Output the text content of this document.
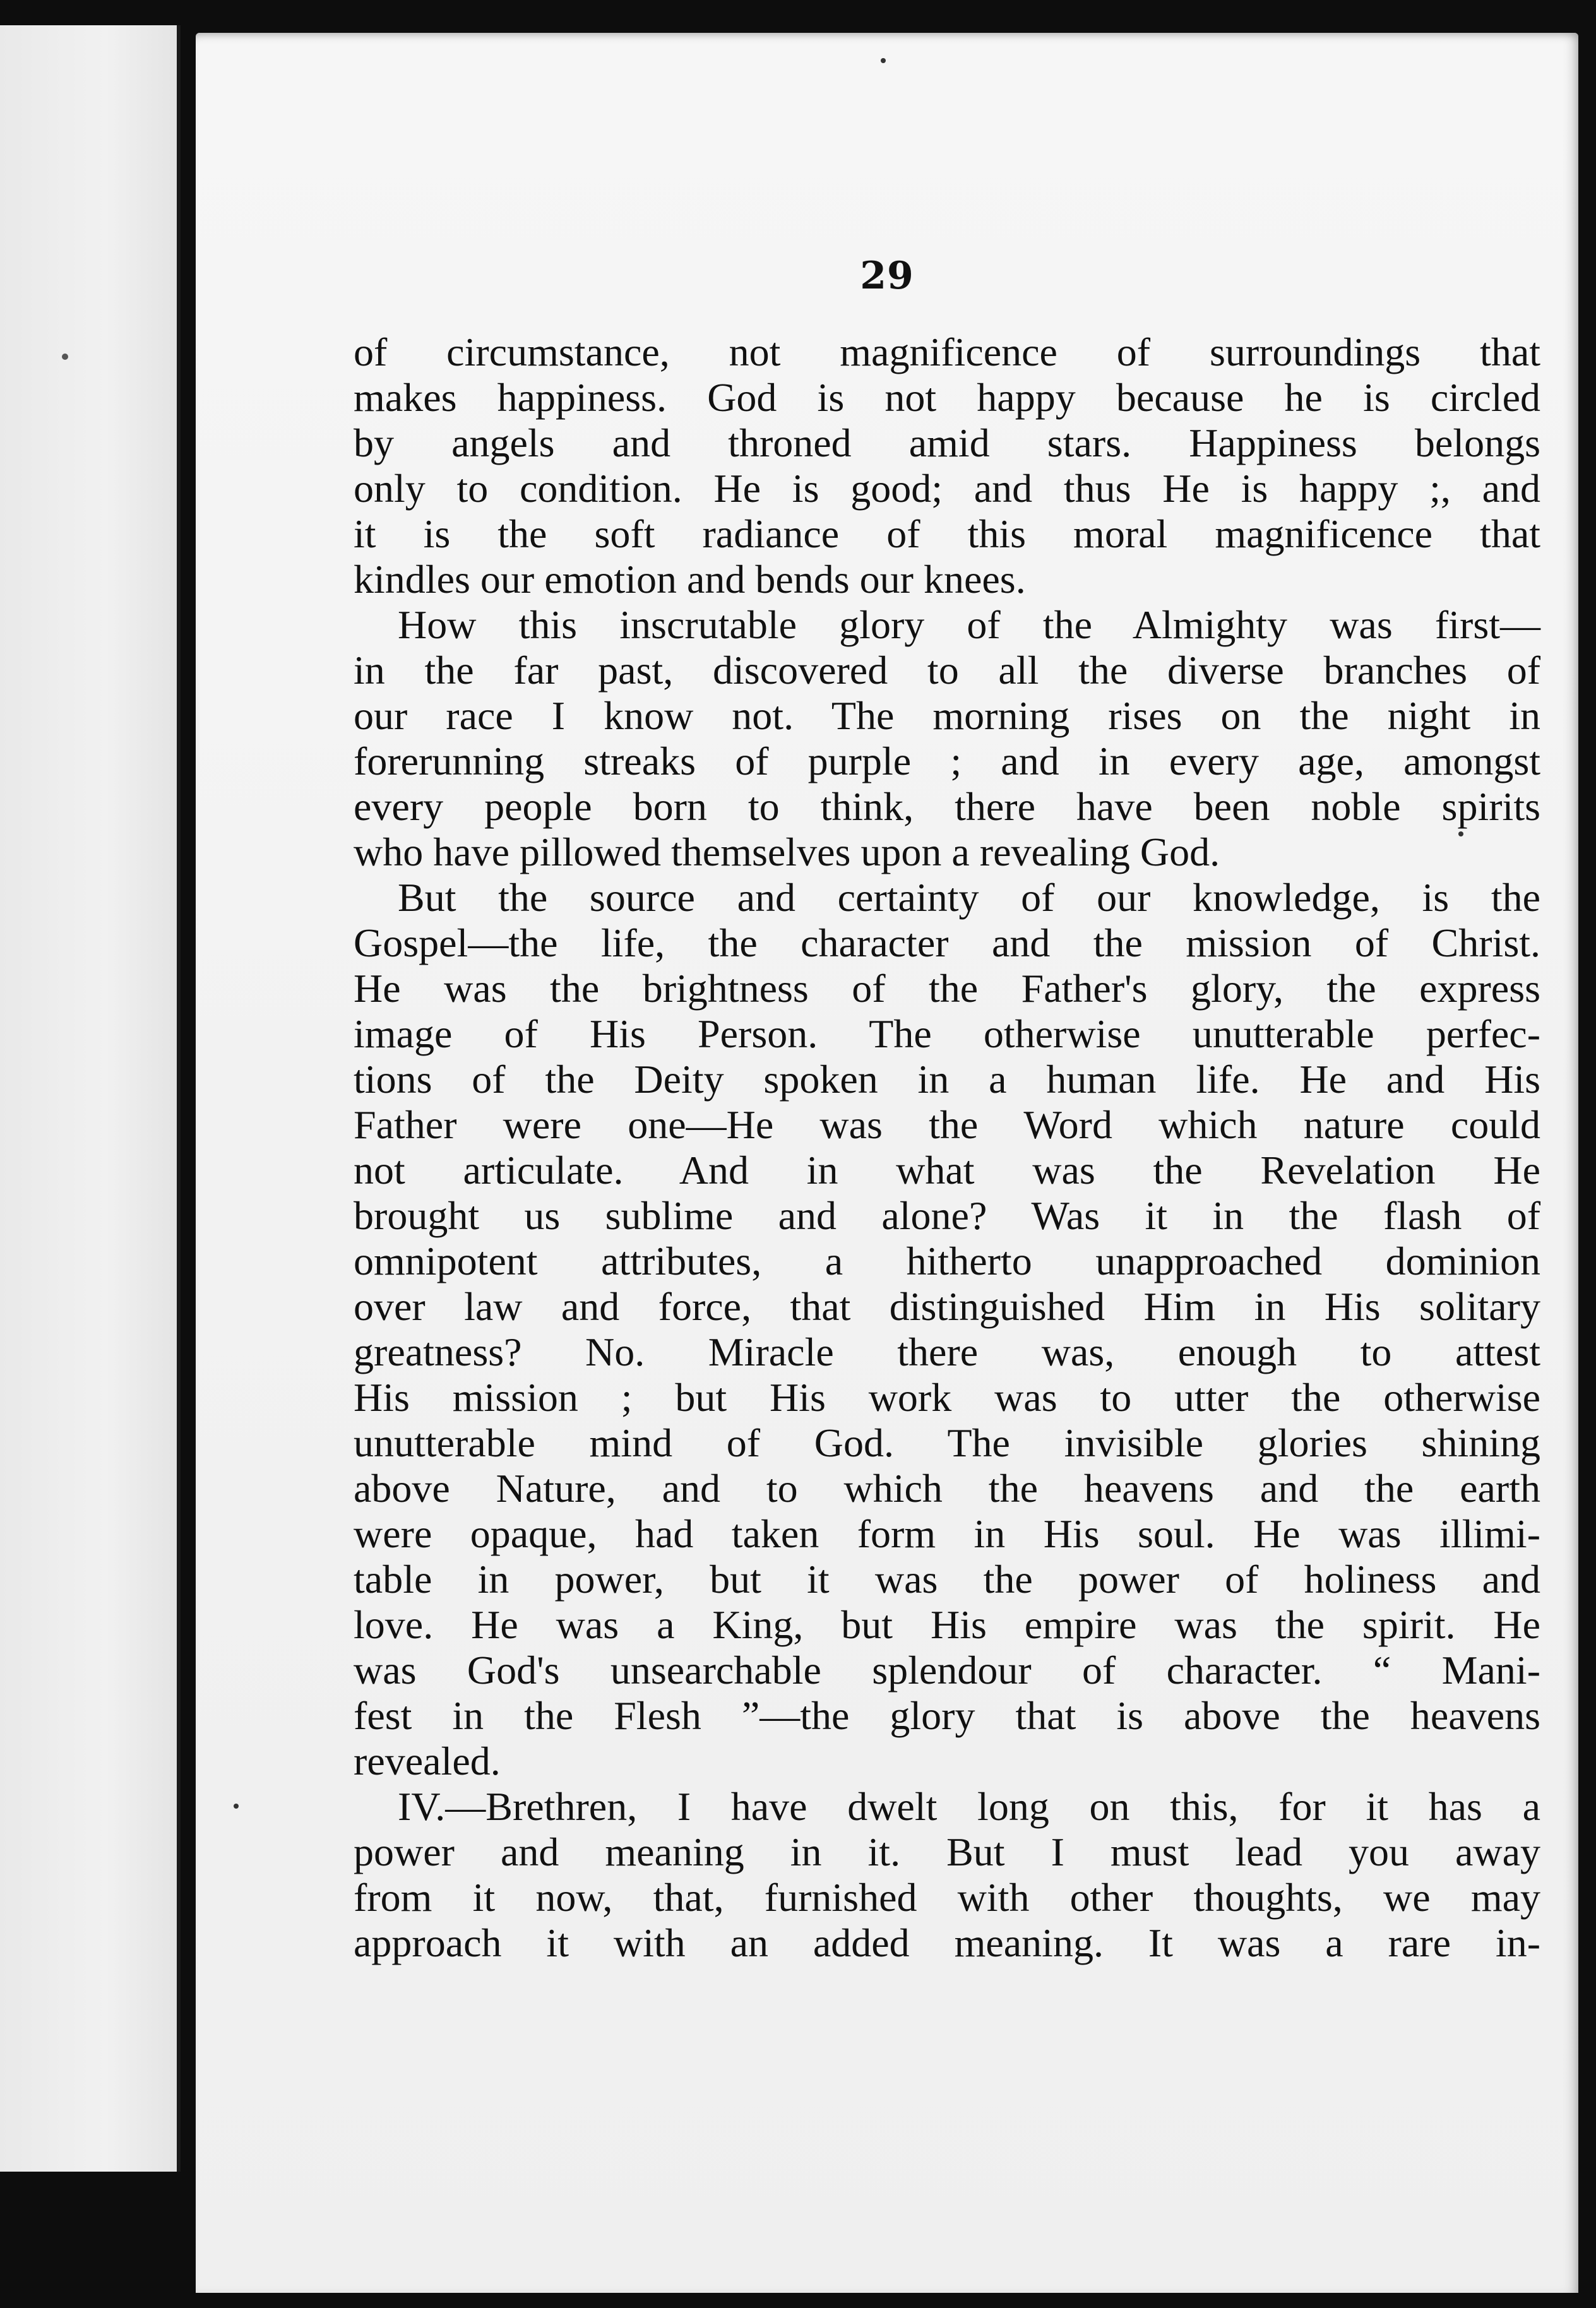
29
of circumstance, not magnificence of surroundings that
makes happiness. God is not happy because he is circled
by angels and throned amid stars. Happiness belongs
only to condition. He is good; and thus He is happy ;, and
it is the soft radiance of this moral magnificence that
kindles our emotion and bends our knees.
How this inscrutable glory of the Almighty was first—
in the far past, discovered to all the diverse branches of
our race I know not. The morning rises on the night in
forerunning streaks of purple ; and in every age, amongst
every people born to think, there have been noble spirits
who have pillowed themselves upon a revealing God.
But the source and certainty of our knowledge, is the
Gospel—the life, the character and the mission of Christ.
He was the brightness of the Father's glory, the express
image of His Person. The otherwise unutterable perfec-
tions of the Deity spoken in a human life. He and His
Father were one—He was the Word which nature could
not articulate. And in what was the Revelation He
brought us sublime and alone? Was it in the flash of
omnipotent attributes, a hitherto unapproached dominion
over law and force, that distinguished Him in His solitary
greatness? No. Miracle there was, enough to attest
His mission ; but His work was to utter the otherwise
unutterable mind of God. The invisible glories shining
above Nature, and to which the heavens and the earth
were opaque, had taken form in His soul. He was illimi-
table in power, but it was the power of holiness and
love. He was a King, but His empire was the spirit. He
was God's unsearchable splendour of character. “ Mani-
fest in the Flesh ”—the glory that is above the heavens
revealed.
IV.—Brethren, I have dwelt long on this, for it has a
power and meaning in it. But I must lead you away
from it now, that, furnished with other thoughts, we may
approach it with an added meaning. It was a rare in-
